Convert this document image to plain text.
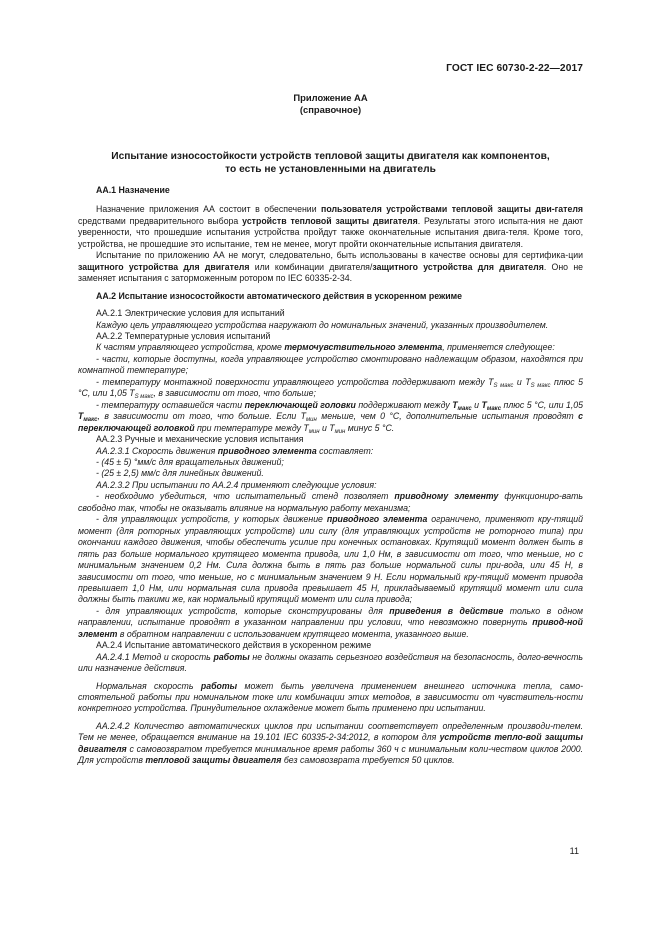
ГОСТ IEC 60730-2-22—2017
Приложение АА
(справочное)
Испытание износостойкости устройств тепловой защиты двигателя как компонентов,
то есть не установленными на двигатель

АА.1 Назначение

Назначение приложения АА состоит в обеспечении пользователя устройствами тепловой защиты дви-гателя средствами предварительного выбора устройств тепловой защиты двигателя. Результаты этого испыта-ния не дают уверенности, что прошедшие испытания устройства пройдут также окончательные испытания двига-теля. Кроме того, устройства, не прошедшие это испытание, тем не менее, могут пройти окончательные испытания двигателя.

Испытание по приложению АА не могут, следовательно, быть использованы в качестве основы для сертифика-ции защитного устройства для двигателя или комбинации двигателя/защитного устройства для двигателя. Оно не заменяет испытания с заторможенным ротором по IEC 60335-2-34.

АА.2 Испытание износостойкости автоматического действия в ускоренном режиме

АА.2.1 Электрические условия для испытаний

Каждую цель управляющего устройства нагружают до номинальных значений, указанных производителем.

АА.2.2 Температурные условия испытаний

К частям управляющего устройства, кроме термочувствительного элемента, применяется следующее:

- части, которые доступны, когда управляющее устройство смонтировано надлежащим образом, находятся при комнатной температуре;

- температуру монтажной поверхности управляющего устройства поддерживают между $T_{S макс}$ и $T_{S макс}$ плюс 5 °C, или 1,05 $T_{S макс}$, в зависимости от того, что больше;

- температуру оставшейся части переключающей головки поддерживают между $T_{макс}$ и $T_{макс}$ плюс 5 °C, или 1,05 $T_{макс}$, в зависимости от того, что больше. Если $T_{мин}$ меньше, чем 0 °C, дополнительные испытания проводят с переключающей головкой при температуре между $T_{мин}$ и $T_{мин}$ минус 5 °C.

АА.2.3 Ручные и механические условия испытания

АА.2.3.1 Скорость движения приводного элемента составляет:

- (45 ± 5) °мм/с для вращательных движений;

- (25 ± 2,5) мм/с для линейных движений.

АА.2.3.2 При испытании по АА.2.4 применяют следующие условия:

- необходимо убедиться, что испытательный стенд позволяет приводному элементу функциониро-вать свободно так, чтобы не оказывать влияние на нормальную работу механизма;

- для управляющих устройств, у которых движение приводного элемента ограничено, применяют кру-тящий момент (для роторных управляющих устройств) или силу (для управляющих устройств не роторного типа) при окончании каждого движения, чтобы обеспечить усилие при конечных остановках. Крутящий момент должен быть в пять раз больше нормального крутящего момента привода, или 1,0 Нм, в зависимости от того, что меньше, но с минимальным значением 0,2 Нм. Сила должна быть в пять раз больше нормальной силы при-вода, или 45 Н, в зависимости от того, что меньше, но с минимальным значением 9 Н. Если нормальный кру-тящий момент привода превышает 1,0 Нм, или нормальная сила привода превышает 45 Н, прикладываемый крутящий момент или сила должны быть такими же, как нормальный крутящий момент или сила привода;

- для управляющих устройств, которые сконструированы для приведения в действие только в одном направлении, испытание проводят в указанном направлении при условии, что невозможно повернуть привод-ной элемент в обратном направлении с использованием крутящего момента, указанного выше.

АА.2.4 Испытание автоматического действия в ускоренном режиме

АА.2.4.1 Метод и скорость работы не должны оказать серьезного воздействия на безопасность, долго-вечность или назначение действия.

Нормальная скорость работы может быть увеличена применением внешнего источника тепла, само-стоятельной работы при номинальном токе или комбинации этих методов, в зависимости от чувствитель-ности конкретного устройства. Принудительное охлаждение может быть применено при испытании.

АА.2.4.2 Количество автоматических циклов при испытании соответствует определенным производи-телем. Тем не менее, обращается внимание на 19.101 IEC 60335-2-34:2012, в котором для устройств тепло-вой защиты двигателя с самовозвратом требуется минимальное время работы 360 ч с минимальным коли-чеством циклов 2000. Для устройств тепловой защиты двигателя без самовозврата требуется 50 циклов.

11
